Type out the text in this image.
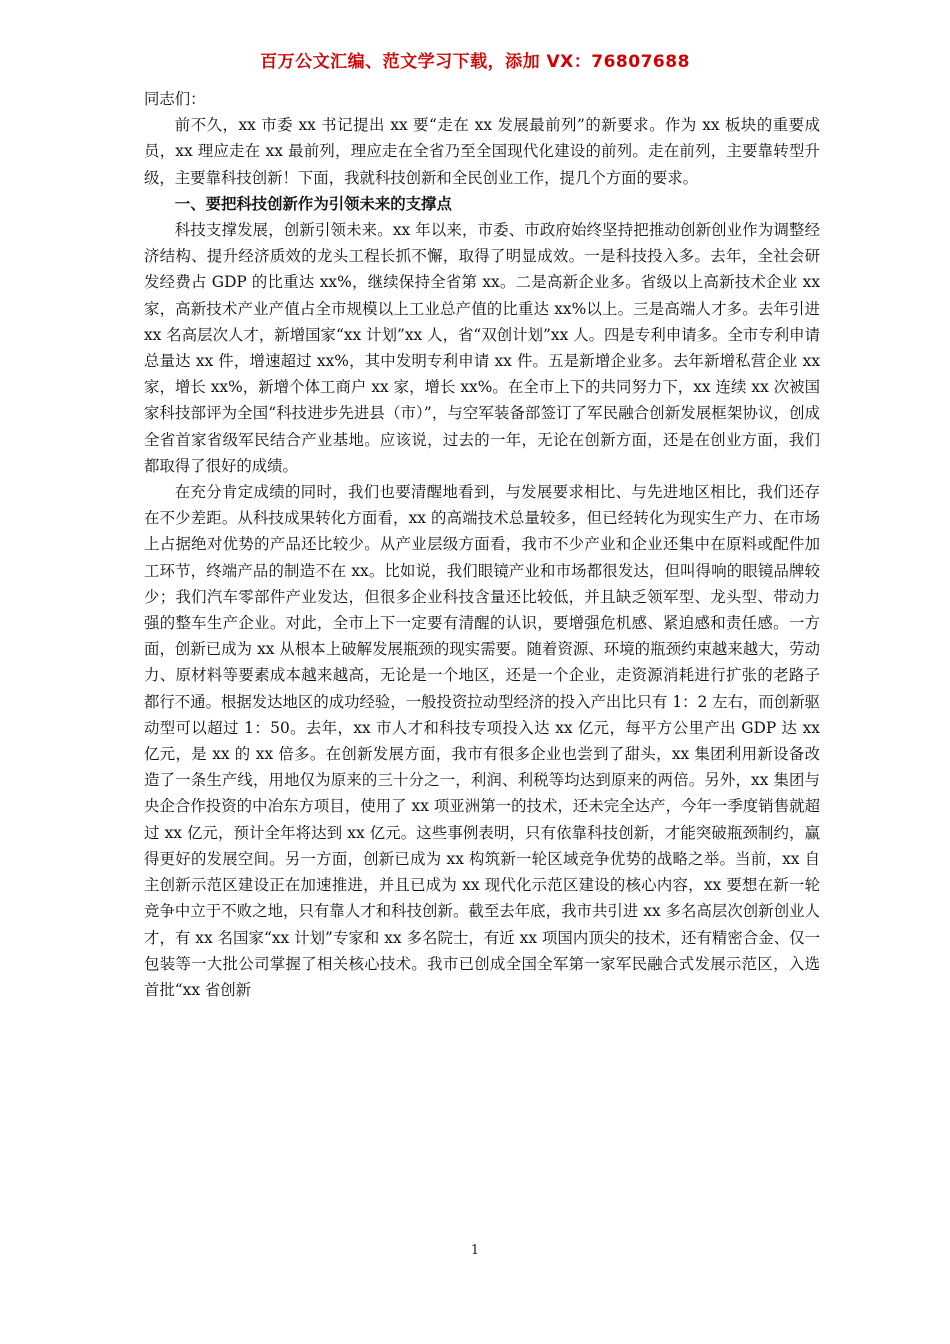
百万公文汇编、范文学习下载，添加 VX：76807688

同志们：

前不久，xx 市委 xx 书记提出 xx 要“走在 xx 发展最前列”的新要求。作为 xx 板块的重要成员，xx 理应走在 xx 最前列，理应走在全省乃至全国现代化建设的前列。走在前列，主要靠转型升级，主要靠科技创新！下面，我就科技创新和全民创业工作，提几个方面的要求。

一、要把科技创新作为引领未来的支撑点

科技支撑发展，创新引领未来。xx 年以来，市委、市政府始终坚持把推动创新创业作为调整经济结构、提升经济质效的龙头工程长抓不懈，取得了明显成效。一是科技投入多。去年，全社会研发经费占 GDP 的比重达 xx%，继续保持全省第 xx。二是高新企业多。省级以上高新技术企业 xx 家，高新技术产业产值占全市规模以上工业总产值的比重达 xx%以上。三是高端人才多。去年引进 xx 名高层次人才，新增国家“xx 计划”xx 人，省“双创计划”xx 人。四是专利申请多。全市专利申请总量达 xx 件，增速超过 xx%，其中发明专利申请 xx 件。五是新增企业多。去年新增私营企业 xx 家，增长 xx%，新增个体工商户 xx 家，增长 xx%。在全市上下的共同努力下，xx 连续 xx 次被国家科技部评为全国“科技进步先进县（市）”，与空军装备部签订了军民融合创新发展框架协议，创成全省首家省级军民结合产业基地。应该说，过去的一年，无论在创新方面，还是在创业方面，我们都取得了很好的成绩。

在充分肯定成绩的同时，我们也要清醒地看到，与发展要求相比、与先进地区相比，我们还存在不少差距。从科技成果转化方面看，xx 的高端技术总量较多，但已经转化为现实生产力、在市场上占据绝对优势的产品还比较少。从产业层级方面看，我市不少产业和企业还集中在原料或配件加工环节，终端产品的制造不在 xx。比如说，我们眼镜产业和市场都很发达，但叫得响的眼镜品牌较少；我们汽车零部件产业发达，但很多企业科技含量还比较低，并且缺乏领军型、龙头型、带动力强的整车生产企业。对此，全市上下一定要有清醒的认识，要增强危机感、紧迫感和责任感。一方面，创新已成为 xx 从根本上破解发展瓶颈的现实需要。随着资源、环境的瓶颈约束越来越大，劳动力、原材料等要素成本越来越高，无论是一个地区，还是一个企业，走资源消耗进行扩张的老路子都行不通。根据发达地区的成功经验，一般投资拉动型经济的投入产出比只有 1：2 左右，而创新驱动型可以超过 1：50。去年，xx 市人才和科技专项投入达 xx 亿元，每平方公里产出 GDP 达 xx 亿元，是 xx 的 xx 倍多。在创新发展方面，我市有很多企业也尝到了甜头，xx 集团利用新设备改造了一条生产线，用地仅为原来的三十分之一，利润、利税等均达到原来的两倍。另外，xx 集团与央企合作投资的中冶东方项目，使用了 xx 项亚洲第一的技术，还未完全达产，今年一季度销售就超过 xx 亿元，预计全年将达到 xx 亿元。这些事例表明，只有依靠科技创新，才能突破瓶颈制约，赢得更好的发展空间。另一方面，创新已成为 xx 构筑新一轮区域竞争优势的战略之举。当前，xx 自主创新示范区建设正在加速推进，并且已成为 xx 现代化示范区建设的核心内容，xx 要想在新一轮竞争中立于不败之地，只有靠人才和科技创新。截至去年底，我市共引进 xx 多名高层次创新创业人才，有 xx 名国家“xx 计划”专家和 xx 多名院士，有近 xx 项国内顶尖的技术，还有精密合金、仅一包装等一大批公司掌握了相关核心技术。我市已创成全国全军第一家军民融合式发展示范区，入选首批“xx 省创新

1
